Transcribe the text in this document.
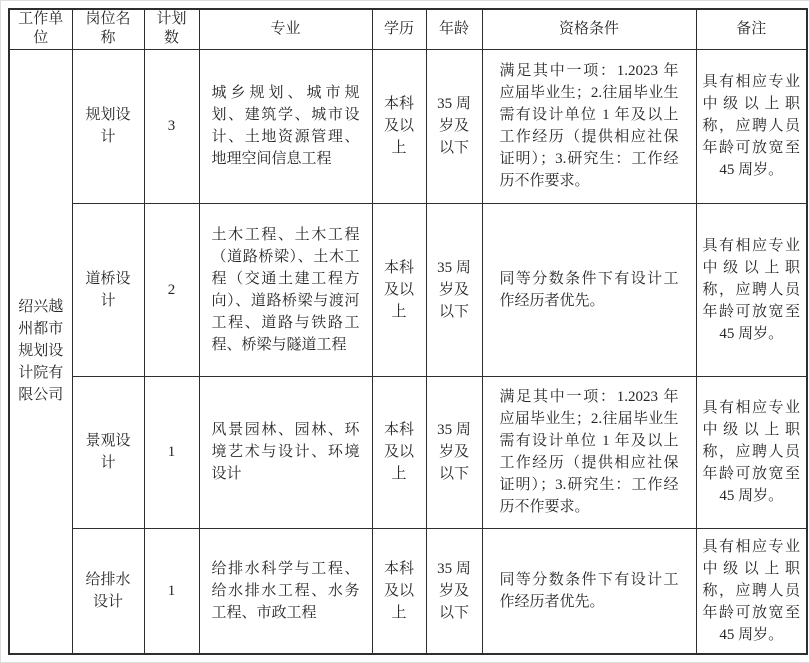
工作单位	岗位名称	计划数	专业	学历	年龄	资格条件	备注
绍兴越州都市规划设计院有限公司	规划设计	3	城乡规划、城市规划、建筑学、城市设计、土地资源管理、地理空间信息工程	本科及以上	35 周岁及以下	满足其中一项：1.2023 年应届毕业生；2.往届毕业生需有设计单位 1 年及以上工作经历（提供相应社保证明）；3.研究生：工作经历不作要求。	具有相应专业中级以上职称，应聘人员年龄可放宽至 45 周岁。
	道桥设计	2	土木工程、土木工程（道路桥梁）、土木工程（交通土建工程方向）、道路桥梁与渡河工程、道路与铁路工程、桥梁与隧道工程	本科及以上	35 周岁及以下	同等分数条件下有设计工作经历者优先。	具有相应专业中级以上职称，应聘人员年龄可放宽至 45 周岁。
	景观设计	1	风景园林、园林、环境艺术与设计、环境设计	本科及以上	35 周岁及以下	满足其中一项：1.2023 年应届毕业生；2.往届毕业生需有设计单位 1 年及以上工作经历（提供相应社保证明）；3.研究生：工作经历不作要求。	具有相应专业中级以上职称，应聘人员年龄可放宽至 45 周岁。
	给排水设计	1	给排水科学与工程、给水排水工程、水务工程、市政工程	本科及以上	35 周岁及以下	同等分数条件下有设计工作经历者优先。	具有相应专业中级以上职称，应聘人员年龄可放宽至 45 周岁。
